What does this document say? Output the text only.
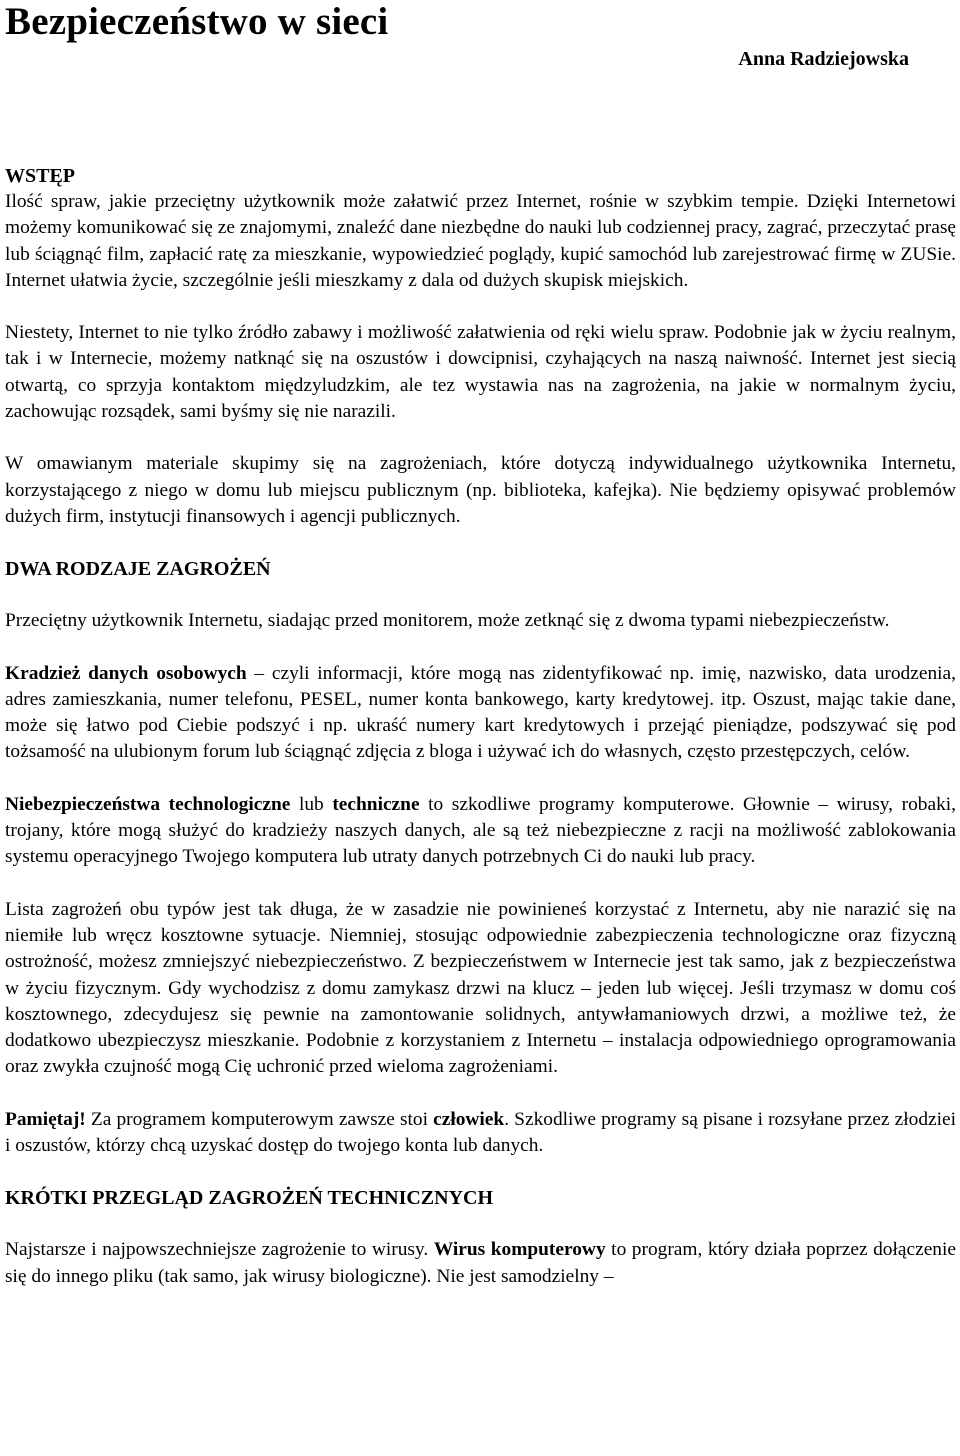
Bezpieczeństwo w sieci
Anna Radziejowska
WSTĘP

Ilość spraw, jakie przeciętny użytkownik może załatwić przez Internet, rośnie w szybkim tempie. Dzięki Internetowi możemy komunikować się ze znajomymi, znaleźć dane niezbędne do nauki lub codziennej pracy, zagrać, przeczytać prasę lub ściągnąć film, zapłacić ratę za mieszkanie, wypowiedzieć poglądy, kupić samochód lub zarejestrować firmę w ZUSie. Internet ułatwia życie, szczególnie jeśli mieszkamy z dala od dużych skupisk miejskich.

Niestety, Internet to nie tylko źródło zabawy i możliwość załatwienia od ręki wielu spraw. Podobnie jak w życiu realnym, tak i w Internecie, możemy natknąć się na oszustów i dowcipnisi, czyhających na naszą naiwność. Internet jest siecią otwartą, co sprzyja kontaktom międzyludzkim, ale tez wystawia nas na zagrożenia, na jakie w normalnym życiu, zachowując rozsądek, sami byśmy się nie narazili.

W omawianym materiale skupimy się na zagrożeniach, które dotyczą indywidualnego użytkownika Internetu, korzystającego z niego w domu lub miejscu publicznym (np. biblioteka, kafejka). Nie będziemy opisywać problemów dużych firm, instytucji finansowych i agencji publicznych.

DWA RODZAJE ZAGROŻEŃ

Przeciętny użytkownik Internetu, siadając przed monitorem, może zetknąć się z dwoma typami niebezpieczeństw.

Kradzież danych osobowych – czyli informacji, które mogą nas zidentyfikować np. imię, nazwisko, data urodzenia, adres zamieszkania, numer telefonu, PESEL, numer konta bankowego, karty kredytowej. itp. Oszust, mając takie dane, może się łatwo pod Ciebie podszyć i np. ukraść numery kart kredytowych i przejąć pieniądze, podszywać się pod tożsamość na ulubionym forum lub ściągnąć zdjęcia z bloga i używać ich do własnych, często przestępczych, celów.

Niebezpieczeństwa technologiczne lub techniczne to szkodliwe programy komputerowe. Głownie – wirusy, robaki, trojany, które mogą służyć do kradzieży naszych danych, ale są też niebezpieczne z racji na możliwość zablokowania systemu operacyjnego Twojego komputera lub utraty danych potrzebnych Ci do nauki lub pracy.

Lista zagrożeń obu typów jest tak długa, że w zasadzie nie powinieneś korzystać z Internetu, aby nie narazić się na niemiłe lub wręcz kosztowne sytuacje. Niemniej, stosując odpowiednie zabezpieczenia technologiczne oraz fizyczną ostrożność, możesz zmniejszyć niebezpieczeństwo. Z bezpieczeństwem w Internecie jest tak samo, jak z bezpieczeństwa w życiu fizycznym. Gdy wychodzisz z domu zamykasz drzwi na klucz – jeden lub więcej. Jeśli trzymasz w domu coś kosztownego, zdecydujesz się pewnie na zamontowanie solidnych, antywłamaniowych drzwi, a możliwe też, że dodatkowo ubezpieczysz mieszkanie. Podobnie z korzystaniem z Internetu – instalacja odpowiedniego oprogramowania oraz zwykła czujność mogą Cię uchronić przed wieloma zagrożeniami.

Pamiętaj! Za programem komputerowym zawsze stoi człowiek. Szkodliwe programy są pisane i rozsyłane przez złodziei i oszustów, którzy chcą uzyskać dostęp do twojego konta lub danych.

KRÓTKI PRZEGLĄD ZAGROŻEŃ TECHNICZNYCH

Najstarsze i najpowszechniejsze zagrożenie to wirusy. Wirus komputerowy to program, który działa poprzez dołączenie się do innego pliku (tak samo, jak wirusy biologiczne). Nie jest samodzielny –
